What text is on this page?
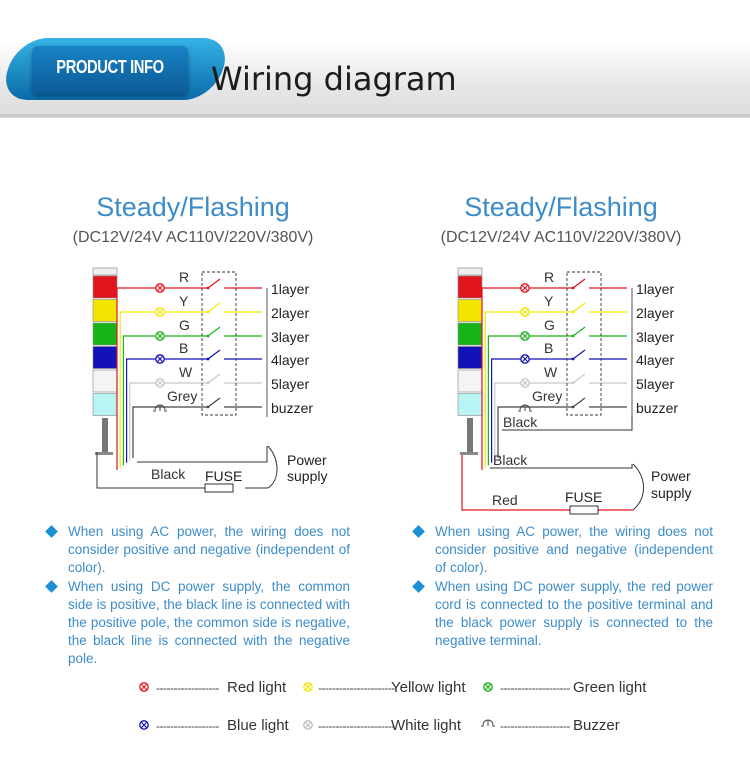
PRODUCT INFO	Wiring diagram
Steady/Flashing
(DC12V/24V AC110V/220V/380V)
Steady/Flashing
(DC12V/24V AC110V/220V/380V)
R
1layer
Y
2layer
G
3layer
B
4layer
W
5layer
Grey
buzzer
Black FUSE
Power
supply
R
1layer
Y
2layer
G
3layer
B
4layer
W
5layer
Grey
buzzer
Black
Black
Red	FUSE
Power
supply
When using AC power, the wiring does not consider positive and negative (independent of color).
When using DC power supply, the common side is positive, the black line is connected with the positive pole, the common side is negative, the black line is connected with the negative pole.
When using AC power, the wiring does not consider positive and negative (independent of color).
When using DC power supply, the red power cord is connected to the positive terminal and the black power supply is connected to the negative terminal.
------------------ Red light	----------------------
Yellow light	-------------------- Green light
------------------ Blue light ----------------------
White light	-------------------- Buzzer
